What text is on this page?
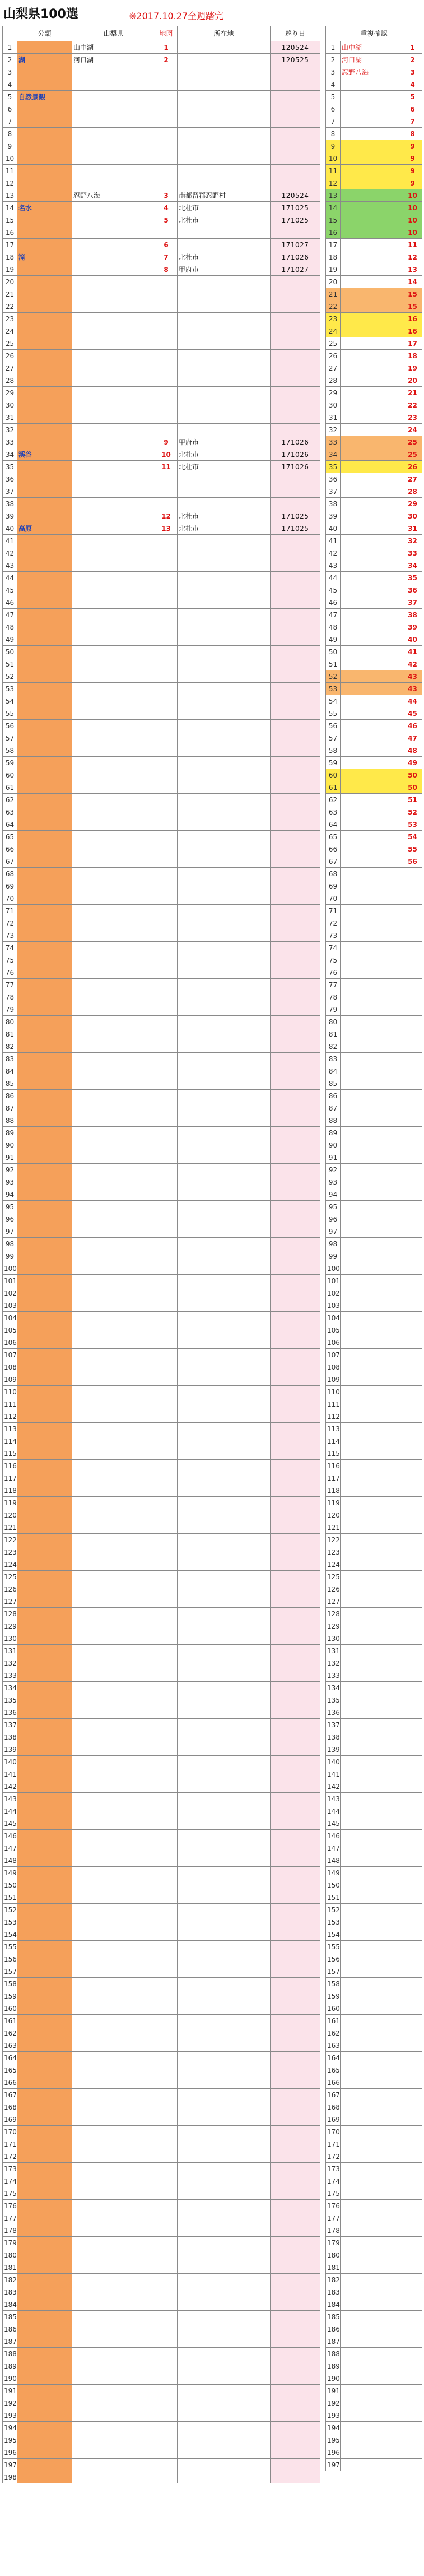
山梨県100選	※2017.10.27全週踏完
	分類	山梨県	地図	所在地	巡り日
1		山中湖	1		120524
2	湖	河口湖	2		120525
3					
4					
5	自然景観				
6					
7					
8					
9					
10					
11					
12					
13		忍野八海	3	南都留郡忍野村	120524
14	名水		4	北杜市	171025
15			5	北杜市	171025
16					
17			6		171027
18	滝		7	北杜市	171026
19			8	甲府市	171027
20					
21					
22					
23					
24					
25					
26					
27					
28					
29					
30					
31					
32					
33			9	甲府市	171026
34	渓谷		10	北杜市	171026
35			11	北杜市	171026
36					
37					
38					
39			12	北杜市	171025
40	高原		13	北杜市	171025
41					
42					
43					
44					
45					
46					
47					
48					
49					
50					
51					
52					
53					
54					
55					
56					
57					
58					
59					
60					
61					
62					
63					
64					
65					
66					
67					
68					
69					
70					
71					
72					
73					
74					
75					
76					
77					
78					
79					
80					
81					
82					
83					
84					
85					
86					
87					
88					
89					
90					
91					
92					
93					
94					
95					
96					
97					
98					
99					
100					
101					
102					
103					
104					
105					
106					
107					
108					
109					
110					
111					
112					
113					
114					
115					
116					
117					
118					
119					
120					
121					
122					
123					
124					
125					
126					
127					
128					
129					
130					
131					
132					
133					
134					
135					
136					
137					
138					
139					
140					
141					
142					
143					
144					
145					
146					
147					
148					
149					
150					
151					
152					
153					
154					
155					
156					
157					
158					
159					
160					
161					
162					
163					
164					
165					
166					
167					
168					
169					
170					
171					
172					
173					
174					
175					
176					
177					
178					
179					
180					
181					
182					
183					
184					
185					
186					
187					
188					
189					
190					
191					
192					
193					
194					
195					
196					
197					
198					
重複確認		
1	山中湖	1
2	河口湖	2
3	忍野八海	3
4		4
5		5
6		6
7		7
8		8
9		9
10		9
11		9
12		9
13		10
14		10
15		10
16		10
17		11
18		12
19		13
20		14
21		15
22		15
23		16
24		16
25		17
26		18
27		19
28		20
29		21
30		22
31		23
32		24
33		25
34		25
35		26
36		27
37		28
38		29
39		30
40		31
41		32
42		33
43		34
44		35
45		36
46		37
47		38
48		39
49		40
50		41
51		42
52		43
53		43
54		44
55		45
56		46
57		47
58		48
59		49
60		50
61		50
62		51
63		52
64		53
65		54
66		55
67		56
68		
69		
70		
71		
72		
73		
74		
75		
76		
77		
78		
79		
80		
81		
82		
83		
84		
85		
86		
87		
88		
89		
90		
91		
92		
93		
94		
95		
96		
97		
98		
99		
100		
101		
102		
103		
104		
105		
106		
107		
108		
109		
110		
111		
112		
113		
114		
115		
116		
117		
118		
119		
120		
121		
122		
123		
124		
125		
126		
127		
128		
129		
130		
131		
132		
133		
134		
135		
136		
137		
138		
139		
140		
141		
142		
143		
144		
145		
146		
147		
148		
149		
150		
151		
152		
153		
154		
155		
156		
157		
158		
159		
160		
161		
162		
163		
164		
165		
166		
167		
168		
169		
170		
171		
172		
173		
174		
175		
176		
177		
178		
179		
180		
181		
182		
183		
184		
185		
186		
187		
188		
189		
190		
191		
192		
193		
194		
195		
196		
197		
